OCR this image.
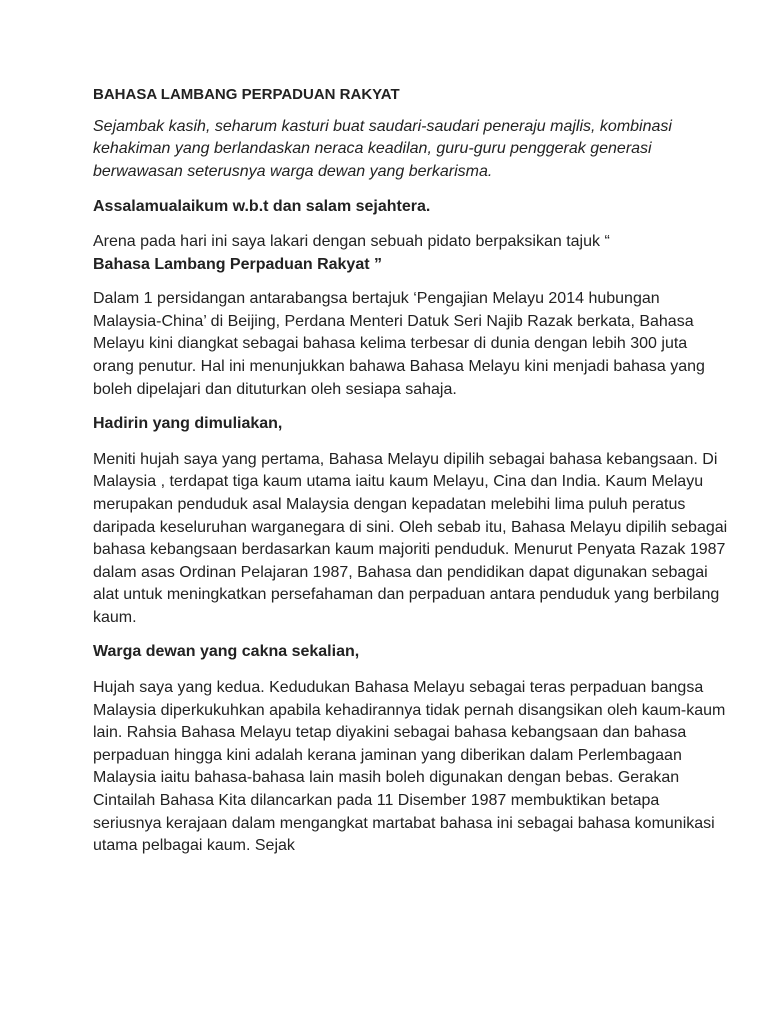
BAHASA LAMBANG PERPADUAN RAKYAT

Sejambak kasih, seharum kasturi buat saudari-saudari peneraju majlis, kombinasi kehakiman yang berlandaskan neraca keadilan, guru-guru penggerak generasi berwawasan seterusnya warga dewan yang berkarisma.

Assalamualaikum w.b.t dan salam sejahtera.

Arena pada hari ini saya lakari dengan sebuah pidato berpaksikan tajuk “
Bahasa Lambang Perpaduan Rakyat ”

Dalam 1 persidangan antarabangsa bertajuk ‘Pengajian Melayu 2014 hubungan Malaysia-China’ di Beijing, Perdana Menteri Datuk Seri Najib Razak berkata, Bahasa Melayu kini diangkat sebagai bahasa kelima terbesar di dunia dengan lebih 300 juta orang penutur. Hal ini menunjukkan bahawa Bahasa Melayu kini menjadi bahasa yang boleh dipelajari dan dituturkan oleh sesiapa sahaja.

Hadirin yang dimuliakan,

Meniti hujah saya yang pertama, Bahasa Melayu dipilih sebagai bahasa kebangsaan. Di Malaysia , terdapat tiga kaum utama iaitu kaum Melayu, Cina dan India. Kaum Melayu merupakan penduduk asal Malaysia dengan kepadatan melebihi lima puluh peratus daripada keseluruhan warganegara di sini. Oleh sebab itu, Bahasa Melayu dipilih sebagai bahasa kebangsaan berdasarkan kaum majoriti penduduk. Menurut Penyata Razak 1987 dalam asas Ordinan Pelajaran 1987, Bahasa dan pendidikan dapat digunakan sebagai alat untuk meningkatkan persefahaman dan perpaduan antara penduduk yang berbilang kaum.

Warga dewan yang cakna sekalian,

Hujah saya yang kedua. Kedudukan Bahasa Melayu sebagai teras perpaduan bangsa Malaysia diperkukuhkan apabila kehadirannya tidak pernah disangsikan oleh kaum-kaum lain. Rahsia Bahasa Melayu tetap diyakini sebagai bahasa kebangsaan dan bahasa perpaduan hingga kini adalah kerana jaminan yang diberikan dalam Perlembagaan Malaysia iaitu bahasa-bahasa lain masih boleh digunakan dengan bebas. Gerakan Cintailah Bahasa Kita dilancarkan pada 11 Disember 1987 membuktikan betapa seriusnya kerajaan dalam mengangkat martabat bahasa ini sebagai bahasa komunikasi utama pelbagai kaum. Sejak
